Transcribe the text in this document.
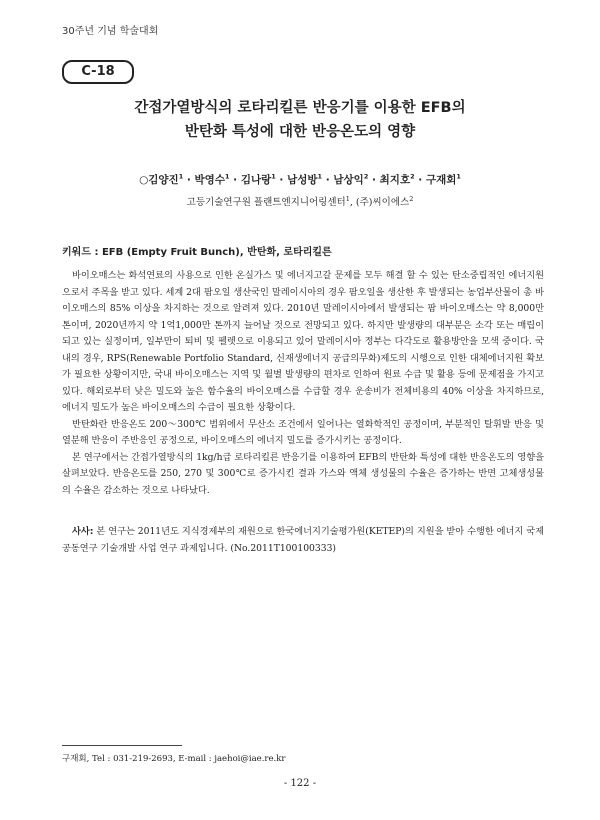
30주년 기념 학술대회
C-18
간접가열방식의 로타리킬른 반응기를 이용한 EFB의
반탄화 특성에 대한 반응온도의 영향
○김양진$^1$ · 박영수$^1$ · 김나랑$^1$ · 남성방$^1$ · 남상익$^2$ · 최지호$^2$ · 구재회$^1$
고등기술연구원 플랜트엔지니어링센터$^1$, (주)씨이에스$^2$
키워드 : EFB (Empty Fruit Bunch), 반탄화, 로타리킬른

바이오매스는 화석연료의 사용으로 인한 온실가스 및 에너지고갈 문제를 모두 해결 할 수 있는 탄소중립적인 에너지원으로서 주목을 받고 있다. 세계 2대 팜오일 생산국인 말레이시아의 경우 팜오일을 생산한 후 발생되는 농업부산물이 총 바이오매스의 85% 이상을 차지하는 것으로 알려져 있다. 2010년 말레이시아에서 발생되는 팜 바이오매스는 약 8,000만 톤이며, 2020년까지 약 1억1,000만 톤까지 늘어날 것으로 전망되고 있다. 하지만 발생량의 대부분은 소각 또는 매립이 되고 있는 실정이며, 일부만이 퇴비 및 펠렛으로 이용되고 있어 말레이시아 정부는 다각도로 활용방안을 모색 중이다. 국내의 경우, RPS(Renewable Portfolio Standard, 신재생에너지 공급의무화)제도의 시행으로 인한 대체에너지원 확보가 필요한 상황이지만, 국내 바이오매스는 지역 및 월별 발생량의 편차로 인하여 원료 수급 및 활용 등에 문제점을 가지고 있다. 해외로부터 낮은 밀도와 높은 함수율의 바이오매스를 수급할 경우 운송비가 전체비용의 40% 이상을 차지하므로, 에너지 밀도가 높은 바이오매스의 수급이 필요한 상황이다.

반탄화란 반응온도 200～300℃ 범위에서 무산소 조건에서 일어나는 열화학적인 공정이며, 부분적인 탈휘발 반응 및 열분해 반응이 주반응인 공정으로, 바이오매스의 에너지 밀도를 증가시키는 공정이다.

본 연구에서는 간접가열방식의 1kg/h급 로타리킬른 반응기를 이용하여 EFB의 반탄화 특성에 대한 반응온도의 영향을 살펴보았다. 반응온도를 250, 270 및 300℃로 증가시킨 결과 가스와 액체 생성물의 수율은 증가하는 반면 고체생성물의 수율은 감소하는 것으로 나타났다.

사사: 본 연구는 2011년도 지식경제부의 재원으로 한국에너지기술평가원(KETEP)의 지원을 받아 수행한 에너지 국제공동연구 기술개발 사업 연구 과제입니다. (No.2011T100100333)

구재회, Tel : 031-219-2693, E-mail : jaehoi@iae.re.kr
- 122 -
